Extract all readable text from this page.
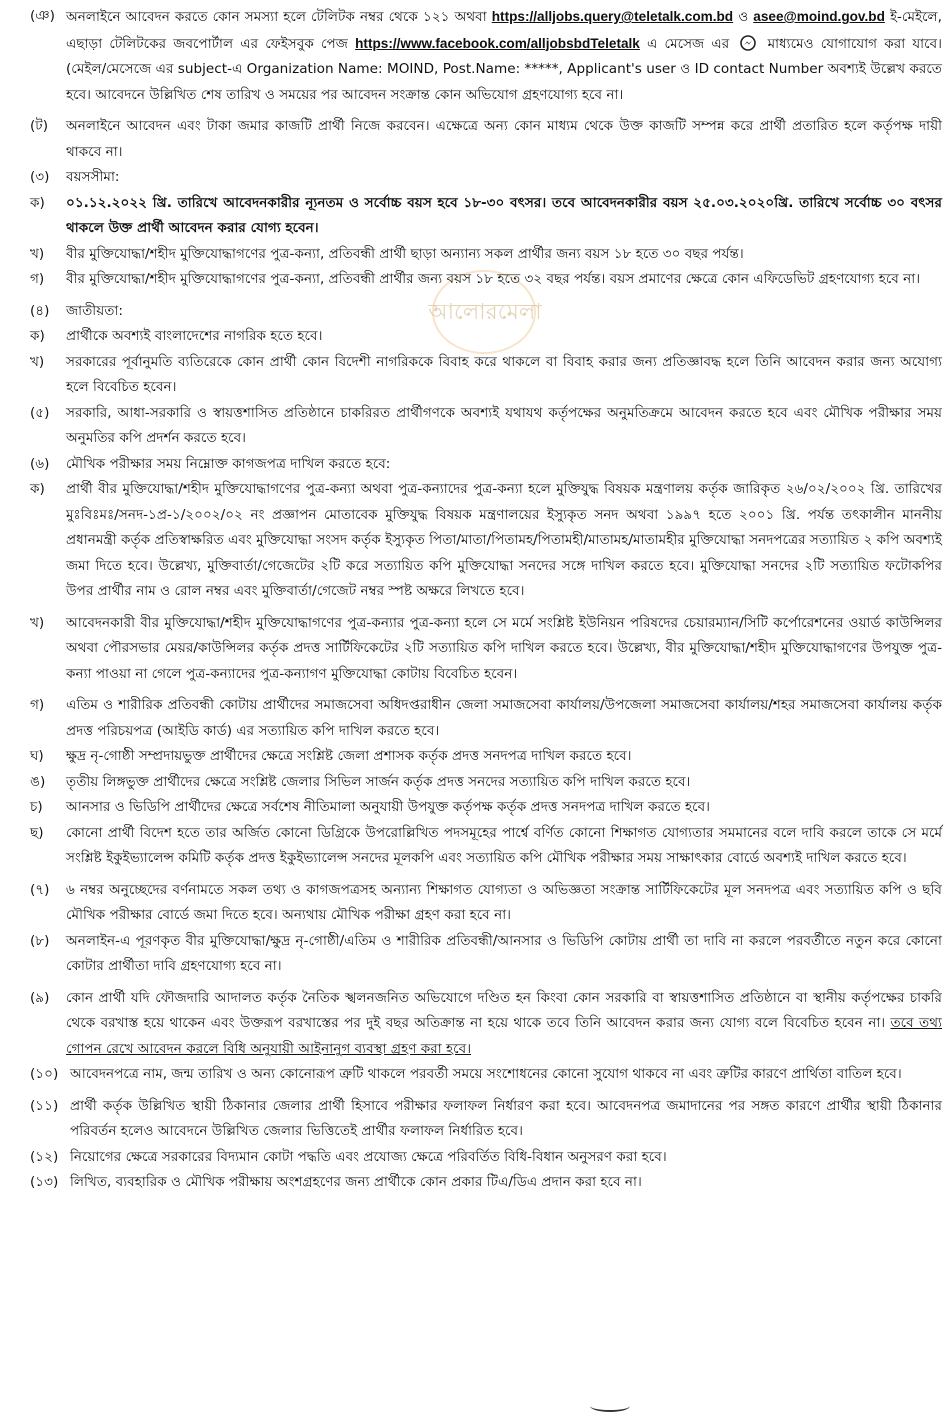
আলোরমেলা
(ঞ) অনলাইনে আবেদন করতে কোন সমস্যা হলে টেলিটক নম্বর থেকে ১২১ অথবা https://alljobs.query@teletalk.com.bd ও asee@moind.gov.bd ই-মেইলে, এছাড়া টেলিটকের জবপোর্টাল এর ফেইসবুক পেজ https://www.facebook.com/alljobsbdTeletalk এ মেসেজ এর	মাধ্যমেও যোগাযোগ করা যাবে। (মেইল/মেসেজে এর subject-এ Organization Name: MOIND, Post.Name: *****, Applicant's user ও ID contact Number অবশ্যই উল্লেখ করতে হবে। আবেদনে উল্লিখিত শেষ তারিখ ও সময়ের পর আবেদন সংক্রান্ত কোন অভিযোগ গ্রহণযোগ্য হবে না।
(ট)	অনলাইনে আবেদন এবং টাকা জমার কাজটি প্রার্থী নিজে করবেন। এক্ষেত্রে অন্য কোন মাধ্যম থেকে উক্ত কাজটি সম্পন্ন করে প্রার্থী প্রতারিত হলে কর্তৃপক্ষ দায়ী থাকবে না।
(৩)	বয়সসীমা:
ক)	০১.১২.২০২২ খ্রি. তারিখে আবেদনকারীর ন্যূনতম ও সর্বোচ্চ বয়স হবে ১৮-৩০ বৎসর। তবে আবেদনকারীর বয়স ২৫.০৩.২০২০খ্রি. তারিখে সর্বোচ্চ ৩০ বৎসর থাকলে উক্ত প্রার্থী আবেদন করার যোগ্য হবেন।
খ)	বীর মুক্তিযোদ্ধা/শহীদ মুক্তিযোদ্ধাগণের পুত্র-কন্যা, প্রতিবন্ধী প্রার্থী ছাড়া অন্যান্য সকল প্রার্থীর জন্য বয়স ১৮ হতে ৩০ বছর পর্যন্ত।
গ)	বীর মুক্তিযোদ্ধা/শহীদ মুক্তিযোদ্ধাগণের পুত্র-কন্যা, প্রতিবন্ধী প্রার্থীর জন্য বয়স ১৮ হতে ৩২ বছর পর্যন্ত। বয়স প্রমাণের ক্ষেত্রে কোন এফিডেভিট গ্রহণযোগ্য হবে না।
(৪)	জাতীয়তা:
ক)	প্রার্থীকে অবশ্যই বাংলাদেশের নাগরিক হতে হবে।
খ)	সরকারের পূর্বানুমতি ব্যতিরেকে কোন প্রার্থী কোন বিদেশী নাগরিককে বিবাহ করে থাকলে বা বিবাহ করার জন্য প্রতিজ্ঞাবদ্ধ হলে তিনি আবেদন করার জন্য অযোগ্য হলে বিবেচিত হবেন।
(৫)	সরকারি, আধা-সরকারি ও স্বায়ত্তশাসিত প্রতিষ্ঠানে চাকরিরত প্রার্থীগণকে অবশ্যই যথাযথ কর্তৃপক্ষের অনুমতিক্রমে আবেদন করতে হবে এবং মৌখিক পরীক্ষার সময় অনুমতির কপি প্রদর্শন করতে হবে।
(৬)	মৌখিক পরীক্ষার সময় নিম্নোক্ত কাগজপত্র দাখিল করতে হবে:
ক)	প্রার্থী বীর মুক্তিযোদ্ধা/শহীদ মুক্তিযোদ্ধাগণের পুত্র-কন্যা অথবা পুত্র-কন্যাদের পুত্র-কন্যা হলে মুক্তিযুদ্ধ বিষয়ক মন্ত্রণালয় কর্তৃক জারিকৃত ২৬/০২/২০০২ খ্রি. তারিখের মুঃবিঃমঃ/সনদ-১প্র-১/২০০২/০২ নং প্রজ্ঞাপন মোতাবেক মুক্তিযুদ্ধ বিষয়ক মন্ত্রণালয়ের ইস্যুকৃত সনদ অথবা ১৯৯৭ হতে ২০০১ খ্রি. পর্যন্ত তৎকালীন মাননীয় প্রধানমন্ত্রী কর্তৃক প্রতিস্বাক্ষরিত এবং মুক্তিযোদ্ধা সংসদ কর্তৃক ইস্যুকৃত পিতা/মাতা/পিতামহ/পিতামহী/মাতামহ/মাতামহীর মুক্তিযোদ্ধা সনদপত্রের সত্যায়িত ২ কপি অবশ্যই জমা দিতে হবে। উল্লেখ্য, মুক্তিবার্তা/গেজেটের ২টি করে সত্যায়িত কপি মুক্তিযোদ্ধা সনদের সঙ্গে দাখিল করতে হবে। মুক্তিযোদ্ধা সনদের ২টি সত্যায়িত ফটোকপির উপর প্রার্থীর নাম ও রোল নম্বর এবং মুক্তিবার্তা/গেজেট নম্বর স্পষ্ট অক্ষরে লিখতে হবে।
খ)	আবেদনকারী বীর মুক্তিযোদ্ধা/শহীদ মুক্তিযোদ্ধাগণের পুত্র-কন্যার পুত্র-কন্যা হলে সে মর্মে সংশ্লিষ্ট ইউনিয়ন পরিষদের চেয়ারম্যান/সিটি কর্পোরেশনের ওয়ার্ড কাউন্সিলর অথবা পৌরসভার মেয়র/কাউন্সিলর কর্তৃক প্রদত্ত সার্টিফিকেটের ২টি সত্যায়িত কপি দাখিল করতে হবে। উল্লেখ্য, বীর মুক্তিযোদ্ধা/শহীদ মুক্তিযোদ্ধাগণের উপযুক্ত পুত্র-কন্যা পাওয়া না গেলে পুত্র-কন্যাদের পুত্র-কন্যাগণ মুক্তিযোদ্ধা কোটায় বিবেচিত হবেন।
গ)	এতিম ও শারীরিক প্রতিবন্ধী কোটায় প্রার্থীদের সমাজসেবা অধিদপ্তরাধীন জেলা সমাজসেবা কার্যালয়/উপজেলা সমাজসেবা কার্যালয়/শহর সমাজসেবা কার্যালয় কর্তৃক প্রদত্ত পরিচয়পত্র (আইডি কার্ড) এর সত্যায়িত কপি দাখিল করতে হবে।
ঘ)	ক্ষুদ্র নৃ-গোষ্ঠী সম্প্রদায়ভুক্ত প্রার্থীদের ক্ষেত্রে সংশ্লিষ্ট জেলা প্রশাসক কর্তৃক প্রদত্ত সনদপত্র দাখিল করতে হবে।
ঙ)	তৃতীয় লিঙ্গভুক্ত প্রার্থীদের ক্ষেত্রে সংশ্লিষ্ট জেলার সিভিল সার্জন কর্তৃক প্রদত্ত সনদের সত্যায়িত কপি দাখিল করতে হবে।
চ)	আনসার ও ভিডিপি প্রার্থীদের ক্ষেত্রে সর্বশেষ নীতিমালা অনুযায়ী উপযুক্ত কর্তৃপক্ষ কর্তৃক প্রদত্ত সনদপত্র দাখিল করতে হবে।
ছ)	কোনো প্রার্থী বিদেশ হতে তার অর্জিত কোনো ডিগ্রিকে উপরোল্লিখিত পদসমূহের পার্শ্বে বর্ণিত কোনো শিক্ষাগত যোগ্যতার সমমানের বলে দাবি করলে তাকে সে মর্মে সংশ্লিষ্ট ইকুইভ্যালেন্স কমিটি কর্তৃক প্রদত্ত ইকুইভ্যালেন্স সনদের মূলকপি এবং সত্যায়িত কপি মৌখিক পরীক্ষার সময় সাক্ষাৎকার বোর্ডে অবশ্যই দাখিল করতে হবে।
(৭)	৬ নম্বর অনুচ্ছেদের বর্ণনামতে সকল তথ্য ও কাগজপত্রসহ অন্যান্য শিক্ষাগত যোগ্যতা ও অভিজ্ঞতা সংক্রান্ত সার্টিফিকেটের মূল সনদপত্র এবং সত্যায়িত কপি ও ছবি মৌখিক পরীক্ষার বোর্ডে জমা দিতে হবে। অন্যথায় মৌখিক পরীক্ষা গ্রহণ করা হবে না।
(৮)	অনলাইন-এ পূরণকৃত বীর মুক্তিযোদ্ধা/ক্ষুদ্র নৃ-গোষ্ঠী/এতিম ও শারীরিক প্রতিবন্ধী/আনসার ও ভিডিপি কোটায় প্রার্থী তা দাবি না করলে পরবর্তীতে নতুন করে কোনো কোটার প্রার্থীতা দাবি গ্রহণযোগ্য হবে না।
(৯)	কোন প্রার্থী যদি ফৌজদারি আদালত কর্তৃক নৈতিক স্খলনজনিত অভিযোগে দণ্ডিত হন কিংবা কোন সরকারি বা স্বায়ত্তশাসিত প্রতিষ্ঠানে বা স্থানীয় কর্তৃপক্ষের চাকরি থেকে বরখাস্ত হয়ে থাকেন এবং উক্তরূপ বরখাস্তের পর দুই বছর অতিক্রান্ত না হয়ে থাকে তবে তিনি আবেদন করার জন্য যোগ্য বলে বিবেচিত হবেন না। তবে তথ্য গোপন রেখে আবেদন করলে বিধি অনুযায়ী আইনানুগ ব্যবস্থা গ্রহণ করা হবে।
(১০) আবেদনপত্রে নাম, জন্ম তারিখ ও অন্য কোনোরূপ ত্রুটি থাকলে পরবর্তী সময়ে সংশোধনের কোনো সুযোগ থাকবে না এবং ত্রুটির কারণে প্রার্থিতা বাতিল হবে।
(১১) প্রার্থী কর্তৃক উল্লিখিত স্থায়ী ঠিকানার জেলার প্রার্থী হিসাবে পরীক্ষার ফলাফল নির্ধারণ করা হবে। আবেদনপত্র জমাদানের পর সঙ্গত কারণে প্রার্থীর স্থায়ী ঠিকানার পরিবর্তন হলেও আবেদনে উল্লিখিত জেলার ভিত্তিতেই প্রার্থীর ফলাফল নির্ধারিত হবে।
(১২) নিয়োগের ক্ষেত্রে সরকারের বিদ্যমান কোটা পদ্ধতি এবং প্রযোজ্য ক্ষেত্রে পরিবর্তিত বিধি-বিধান অনুসরণ করা হবে।
(১৩) লিখিত, ব্যবহারিক ও মৌখিক পরীক্ষায় অংশগ্রহণের জন্য প্রার্থীকে কোন প্রকার টিএ/ডিএ প্রদান করা হবে না।
